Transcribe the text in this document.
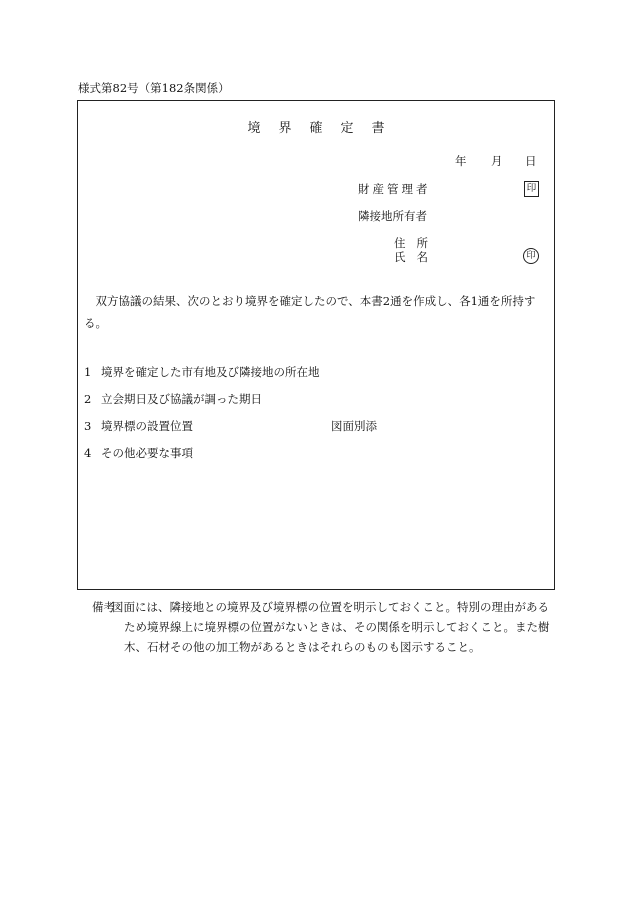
様式第82号（第182条関係）
境界確定書
年 月 日
財産管理者	印
隣接地所有者
住所
氏名	印
双方協議の結果、次のとおり境界を確定したので、本書2通を作成し、各1通を所持する。
1 境界を確定した市有地及び隣接地の所在地
2 立会期日及び協議が調った期日
3 境界標の設置位置	図面別添
4 その他必要な事項
備考
図面には、隣接地との境界及び境界標の位置を明示しておくこと。特別の理由があるため境界線上に境界標の位置がないときは、その関係を明示しておくこと。また樹木、石材その他の加工物があるときはそれらのものも図示すること。
